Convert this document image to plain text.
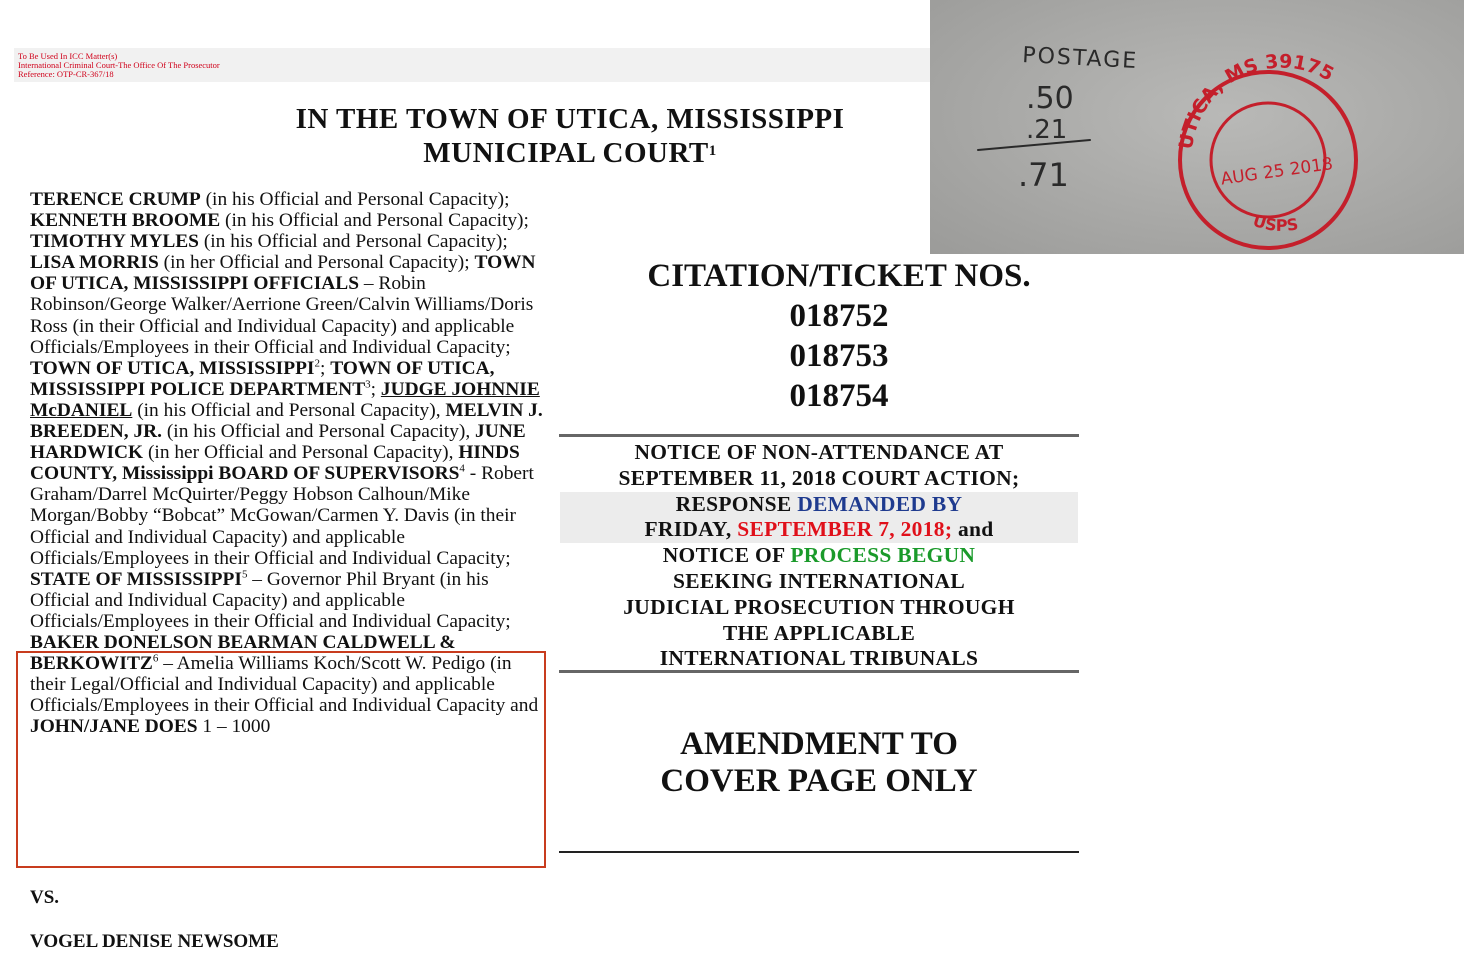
To Be Used In ICC Matter(s)
International Criminal Court-The Office Of The Prosecutor
Reference: OTP-CR-367/18
IN THE TOWN OF UTICA, MISSISSIPPI
MUNICIPAL COURT$^1$
TERENCE CRUMP (in his Official and Personal Capacity); KENNETH BROOME (in his Official and Personal Capacity); TIMOTHY MYLES (in his Official and Personal Capacity); LISA MORRIS (in her Official and Personal Capacity); TOWN OF UTICA, MISSISSIPPI OFFICIALS – Robin Robinson/George Walker/Aerrione Green/Calvin Williams/Doris Ross (in their Official and Individual Capacity) and applicable Officials/Employees in their Official and Individual Capacity; TOWN OF UTICA, MISSISSIPPI$^2$; TOWN OF UTICA, MISSISSIPPI POLICE DEPARTMENT$^3$; JUDGE JOHNNIE McDANIEL (in his Official and Personal Capacity), MELVIN J. BREEDEN, JR. (in his Official and Personal Capacity), JUNE HARDWICK (in her Official and Personal Capacity), HINDS COUNTY, Mississippi BOARD OF SUPERVISORS$^4$ - Robert Graham/Darrel McQuirter/Peggy Hobson Calhoun/Mike Morgan/Bobby “Bobcat” McGowan/Carmen Y. Davis (in their Official and Individual Capacity) and applicable Officials/Employees in their Official and Individual Capacity; STATE OF MISSISSIPPI$^5$ – Governor Phil Bryant (in his Official and Individual Capacity) and applicable Officials/Employees in their Official and Individual Capacity; BAKER DONELSON BEARMAN CALDWELL & BERKOWITZ$^6$ – Amelia Williams Koch/Scott W. Pedigo (in their Legal/Official and Individual Capacity) and applicable Officials/Employees in their Official and Individual Capacity and JOHN/JANE DOES 1 – 1000
VS.
VOGEL DENISE NEWSOME
CITATION/TICKET NOS.
018752
018753
018754
NOTICE OF NON-ATTENDANCE AT
SEPTEMBER 11, 2018 COURT ACTION;
RESPONSE DEMANDED BY
FRIDAY, SEPTEMBER 7, 2018; and
NOTICE OF PROCESS BEGUN
SEEKING INTERNATIONAL
JUDICIAL PROSECUTION THROUGH
THE APPLICABLE
INTERNATIONAL TRIBUNALS
AMENDMENT TO
COVER PAGE ONLY
POSTAGE
.50
.21
.71
UTICA, MS 39175
AUG 25 2018
USPS
